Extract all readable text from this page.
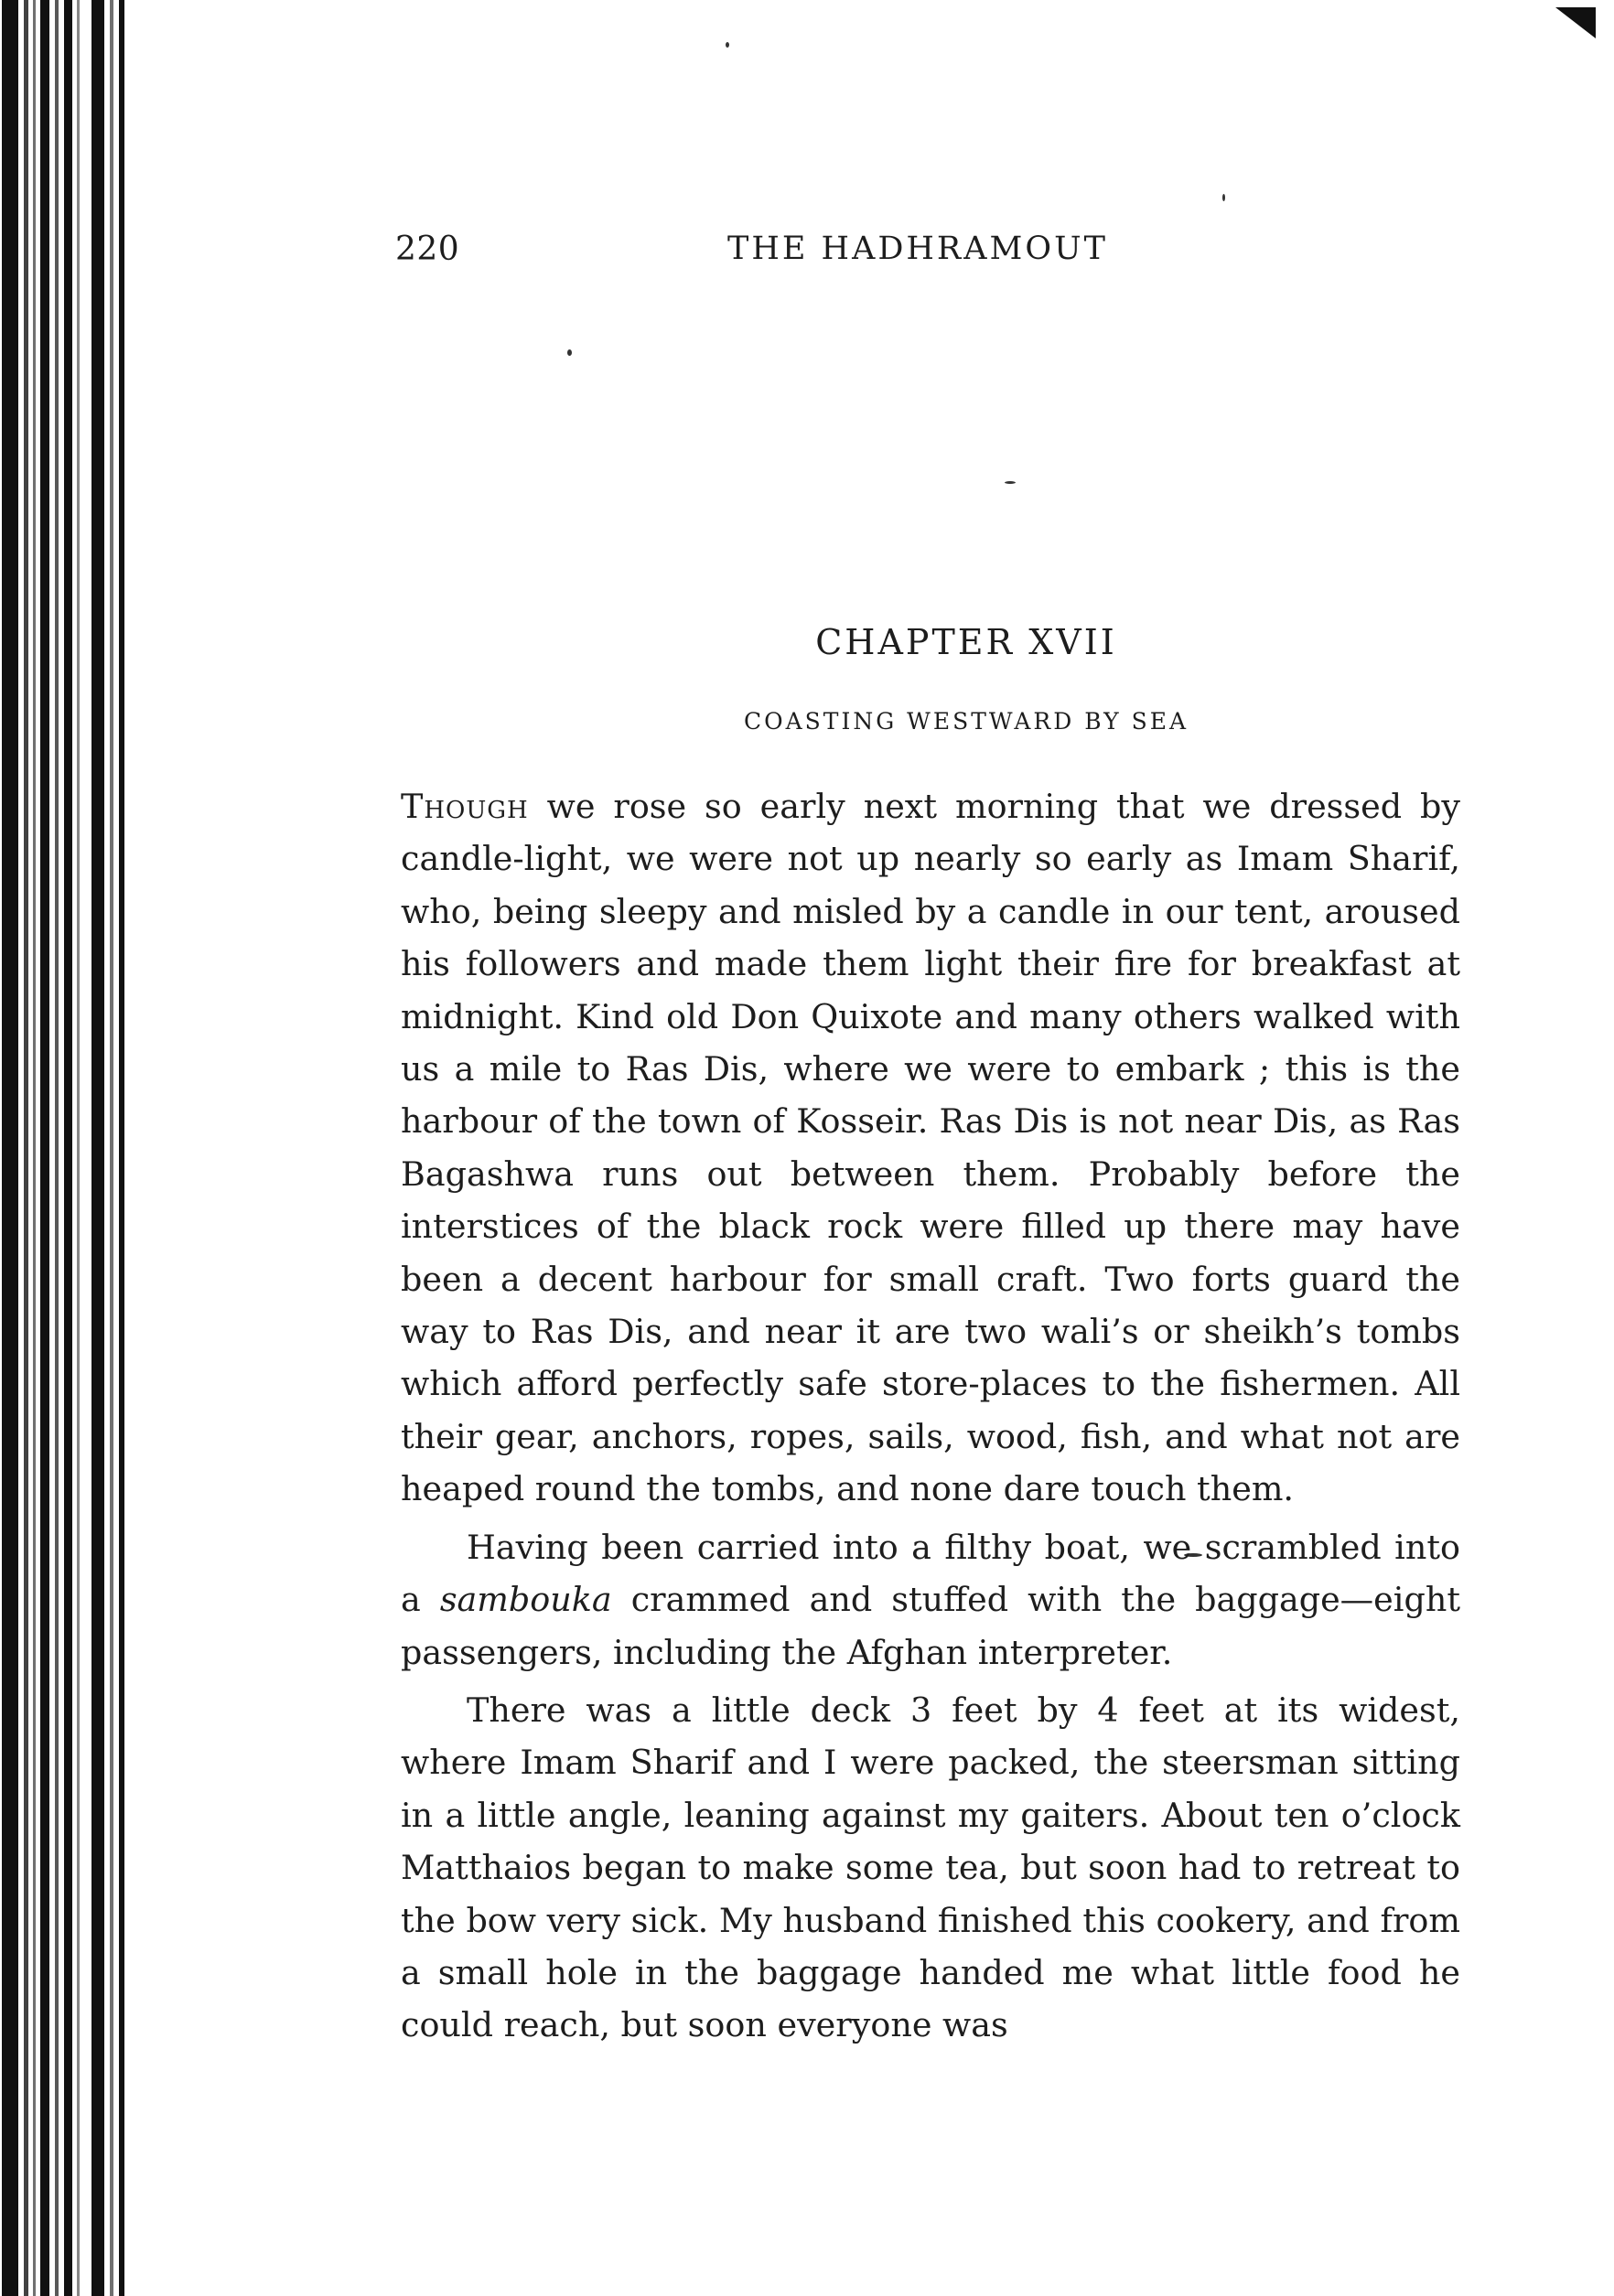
220	THE HADHRAMOUT
CHAPTER XVII
COASTING WESTWARD BY SEA

Though we rose so early next morning that we dressed by candle-light, we were not up nearly so early as Imam Sharif, who, being sleepy and misled by a candle in our tent, aroused his followers and made them light their fire for breakfast at midnight. Kind old Don Quixote and many others walked with us a mile to Ras Dis, where we were to embark ; this is the harbour of the town of Kosseir. Ras Dis is not near Dis, as Ras Bagashwa runs out between them. Probably before the interstices of the black rock were filled up there may have been a decent harbour for small craft. Two forts guard the way to Ras Dis, and near it are two wali’s or sheikh’s tombs which afford perfectly safe store-places to the fishermen. All their gear, anchors, ropes, sails, wood, fish, and what not are heaped round the tombs, and none dare touch them.

Having been carried into a filthy boat, we scrambled into a sambouka crammed and stuffed with the baggage—eight passengers, including the Afghan interpreter.

There was a little deck 3 feet by 4 feet at its widest, where Imam Sharif and I were packed, the steersman sitting in a little angle, leaning against my gaiters. About ten o’clock Matthaios began to make some tea, but soon had to retreat to the bow very sick. My husband finished this cookery, and from a small hole in the baggage handed me what little food he could reach, but soon everyone was
